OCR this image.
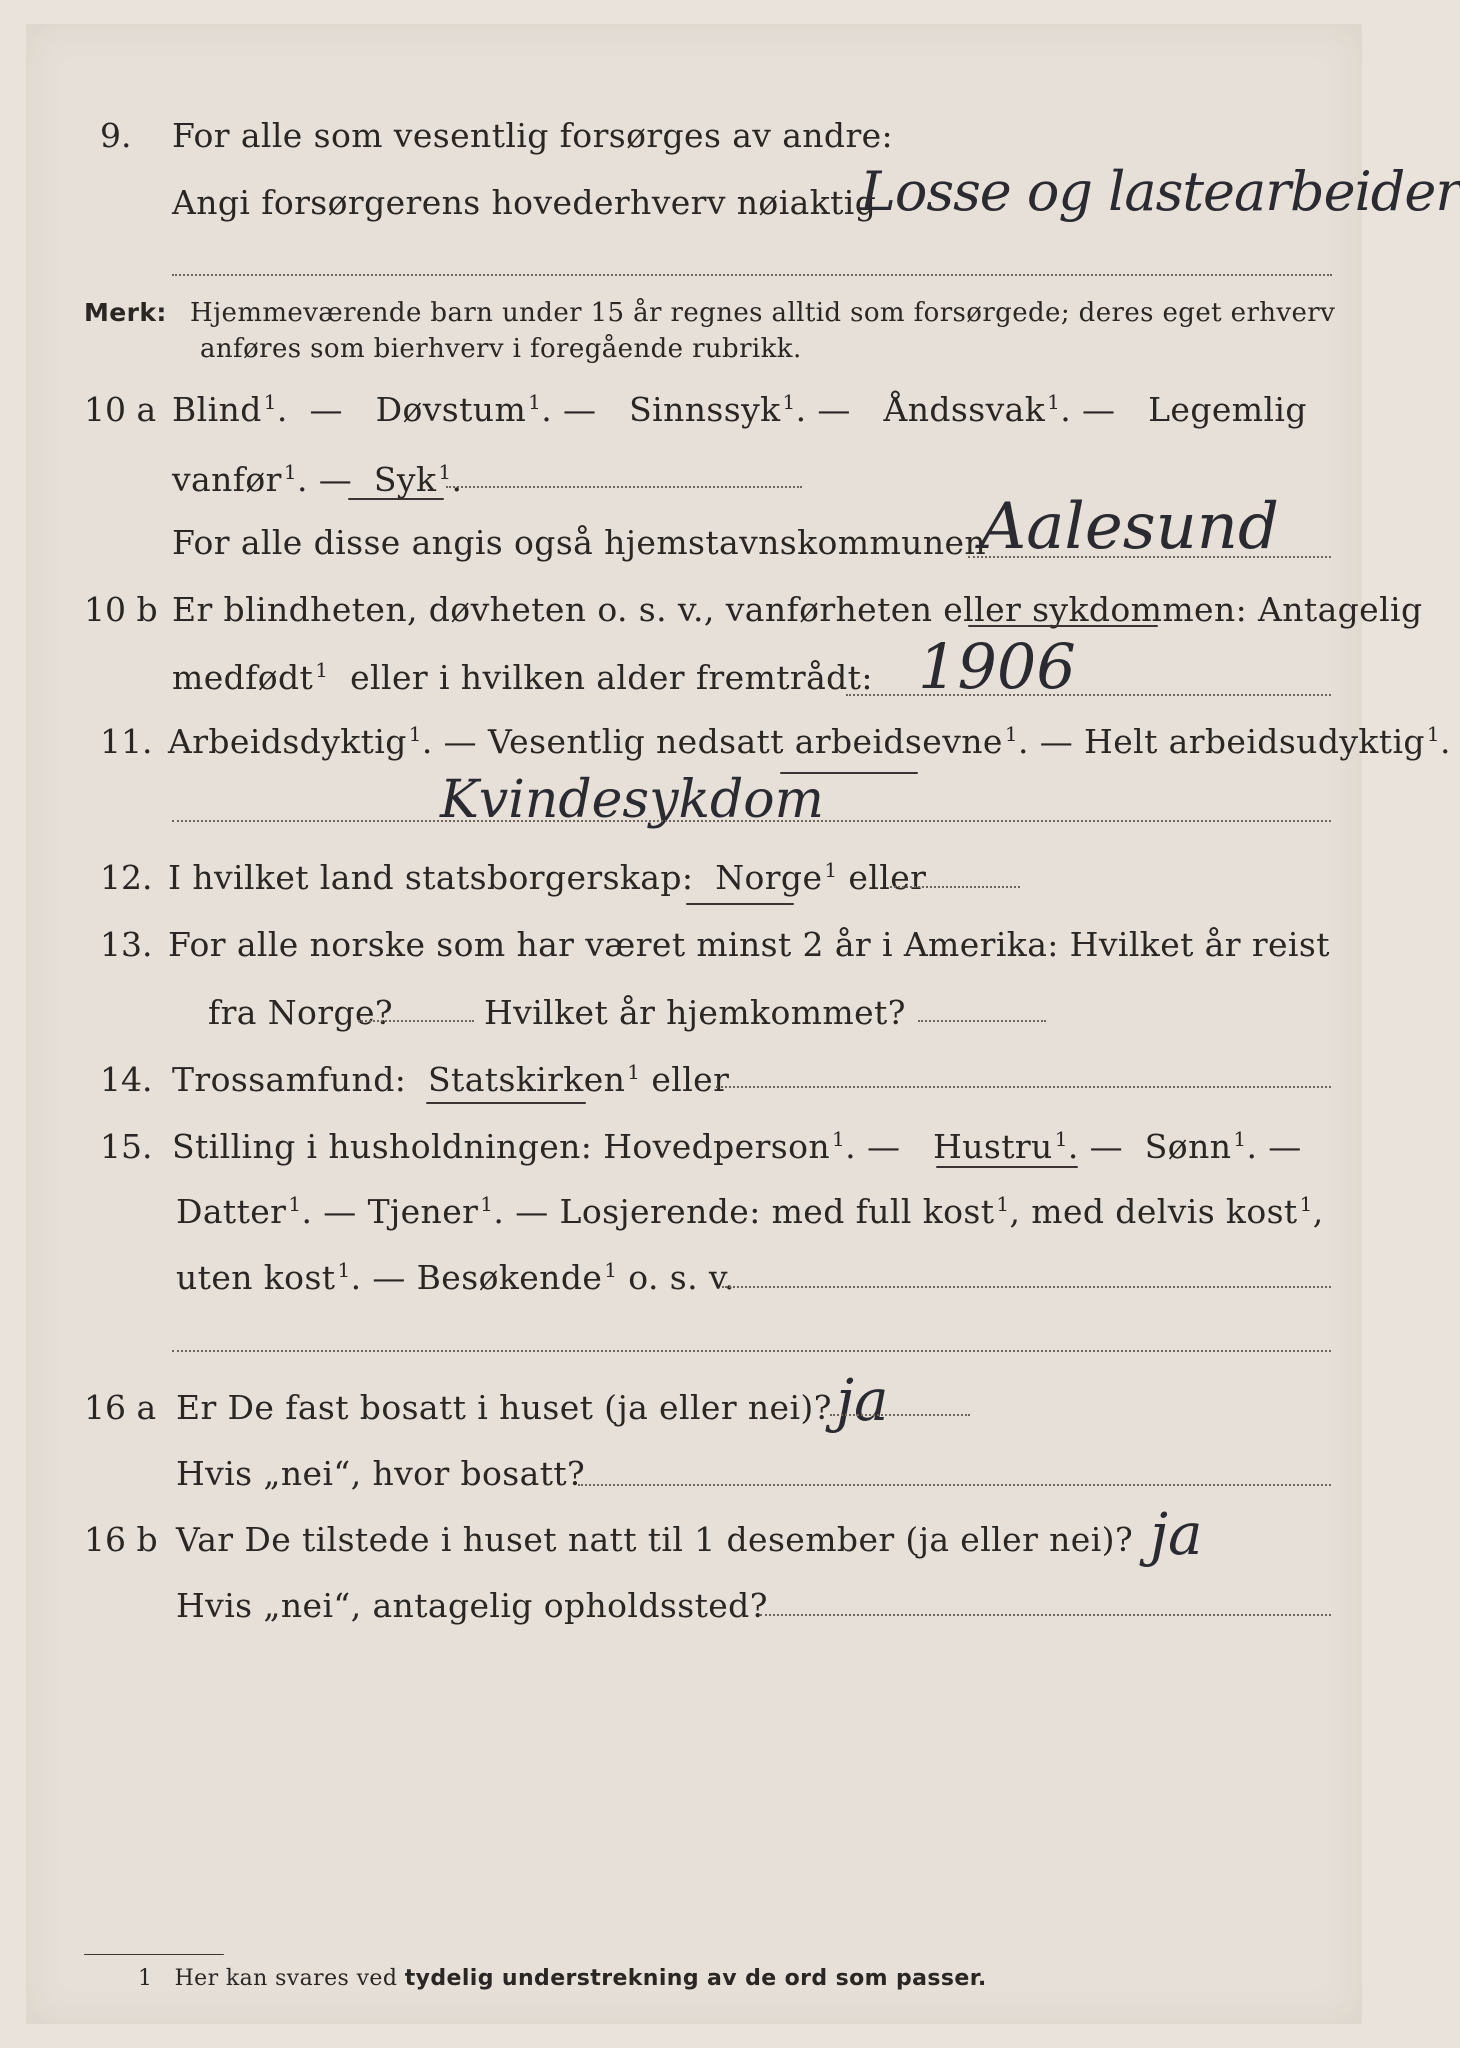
9. For alle som vesentlig forsørges av andre:
Angi forsørgerens hovederhverv nøiaktig
Losse og lastearbeider
Merk: Hjemmeværende barn under 15 år regnes alltid som forsørgede; deres eget erhverv
anføres som bierhverv i foregående rubrikk.
10 a Blind $^1$.  —   Døvstum $^1$. —   Sinnssyk $^1$. —   Åndssvak $^1$. —   Legemlig
vanfør $^1$. —  Syk $^1$.
For alle disse angis også hjemstavnskommunen
Aalesund
10 b Er blindheten, døvheten o. s. v., vanførheten eller sykdommen: Antagelig
medfødt $^1$ eller i hvilken alder fremtrådt: 1906
11. Arbeidsdyktig $^1$. — Vesentlig nedsatt arbeidsevne $^1$. — Helt arbeidsudyktig $^1$.
Kvindesykdom
12. I hvilket land statsborgerskap: Norge $^1$ eller
13. For alle norske som har været minst 2 år i Amerika: Hvilket år reist
fra Norge?	Hvilket år hjemkommet?
14. Trossamfund: Statskirken $^1$ eller
15. Stilling i husholdningen: Hovedperson $^1$. —   Hustru $^1$. —  Sønn $^1$. —
Datter $^1$. — Tjener $^1$. — Losjerende: med full kost $^1$, med delvis kost $^1$,
uten kost $^1$. — Besøkende $^1$ o. s. v.
16 a Er De fast bosatt i huset (ja eller nei)? ja
Hvis „nei“, hvor bosatt?
16 b Var De tilstede i huset natt til 1 desember (ja eller nei)? ja
Hvis „nei“, antagelig opholdssted?
1 Her kan svares ved tydelig understrekning av de ord som passer.
